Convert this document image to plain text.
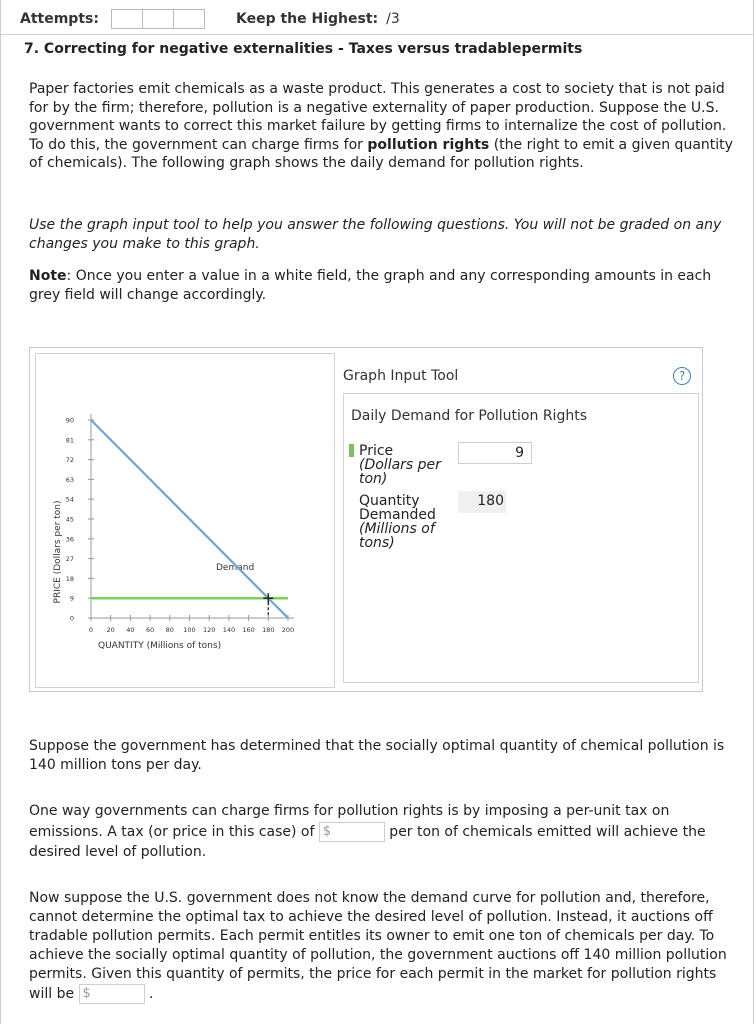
Attempts:	Keep the Highest: /3
7. Correcting for negative externalities - Taxes versus tradablepermits

Paper factories emit chemicals as a waste product. This generates a cost to society that is not paid for by the firm; therefore, pollution is a negative externality of paper production. Suppose the U.S. government wants to correct this market failure by getting firms to internalize the cost of pollution. To do this, the government can charge firms for pollution rights (the right to emit a given quantity of chemicals). The following graph shows the daily demand for pollution rights.

Use the graph input tool to help you answer the following questions. You will not be graded on any changes you make to this graph.

Note: Once you enter a value in a white field, the graph and any corresponding amounts in each grey field will change accordingly.

PRICE (Dollars per ton)
QUANTITY (Millions of tons)
Demand
0
9
18
27
36
45
54
63
72
81
90
0 20 40 60 80 100 120 140 160 180 200
Graph Input Tool	?
Daily Demand for Pollution Rights
Price
(Dollars per
ton)
9
Quantity
Demanded
(Millions of
tons)
180

Suppose the government has determined that the socially optimal quantity of chemical pollution is 140 million tons per day.

One way governments can charge firms for pollution rights is by imposing a per-unit tax on emissions. A tax (or price in this case) of $	per ton of chemicals emitted will achieve the desired level of pollution.

Now suppose the U.S. government does not know the demand curve for pollution and, therefore, cannot determine the optimal tax to achieve the desired level of pollution. Instead, it auctions off tradable pollution permits. Each permit entitles its owner to emit one ton of chemicals per day. To achieve the socially optimal quantity of pollution, the government auctions off 140 million pollution permits. Given this quantity of permits, the price for each permit in the market for pollution rights will be $	.
